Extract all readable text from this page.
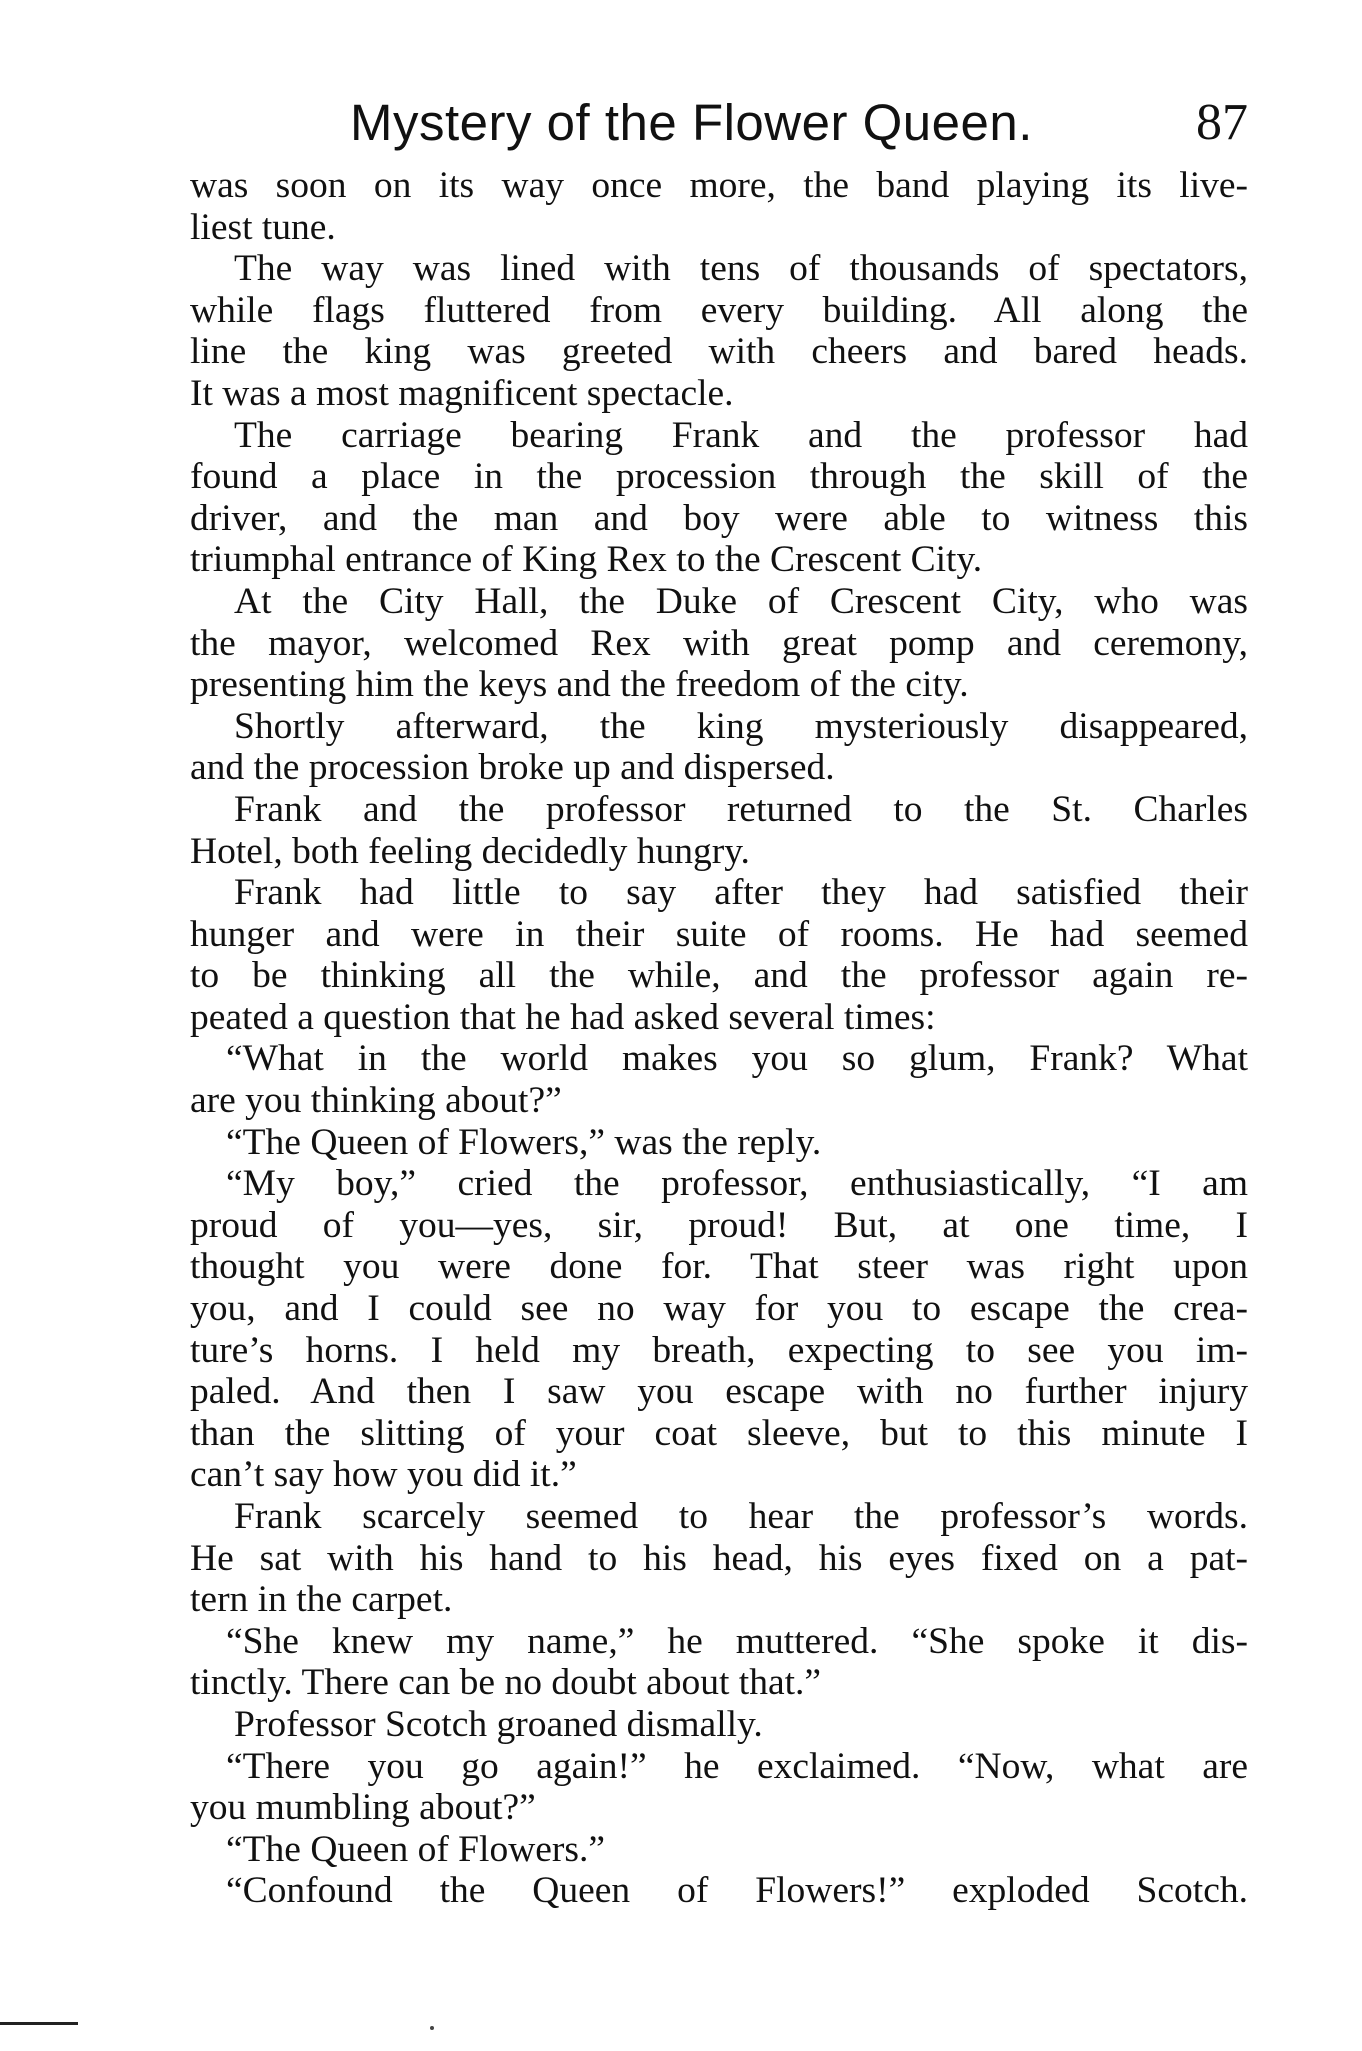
Mystery of the Flower Queen.	87
was soon on its way once more, the band playing its live-
liest tune.
The way was lined with tens of thousands of spectators,
while flags fluttered from every building. All along the
line the king was greeted with cheers and bared heads.
It was a most magnificent spectacle.
The carriage bearing Frank and the professor had
found a place in the procession through the skill of the
driver, and the man and boy were able to witness this
triumphal entrance of King Rex to the Crescent City.
At the City Hall, the Duke of Crescent City, who was
the mayor, welcomed Rex with great pomp and ceremony,
presenting him the keys and the freedom of the city.
Shortly afterward, the king mysteriously disappeared,
and the procession broke up and dispersed.
Frank and the professor returned to the St. Charles
Hotel, both feeling decidedly hungry.
Frank had little to say after they had satisfied their
hunger and were in their suite of rooms. He had seemed
to be thinking all the while, and the professor again re-
peated a question that he had asked several times:
“What in the world makes you so glum, Frank? What
are you thinking about?”
“The Queen of Flowers,” was the reply.
“My boy,” cried the professor, enthusiastically, “I am
proud of you—yes, sir, proud! But, at one time, I
thought you were done for. That steer was right upon
you, and I could see no way for you to escape the crea-
ture’s horns. I held my breath, expecting to see you im-
paled. And then I saw you escape with no further injury
than the slitting of your coat sleeve, but to this minute I
can’t say how you did it.”
Frank scarcely seemed to hear the professor’s words.
He sat with his hand to his head, his eyes fixed on a pat-
tern in the carpet.
“She knew my name,” he muttered. “She spoke it dis-
tinctly. There can be no doubt about that.”
Professor Scotch groaned dismally.
“There you go again!” he exclaimed. “Now, what are
you mumbling about?”
“The Queen of Flowers.”
“Confound the Queen of Flowers!” exploded Scotch.
